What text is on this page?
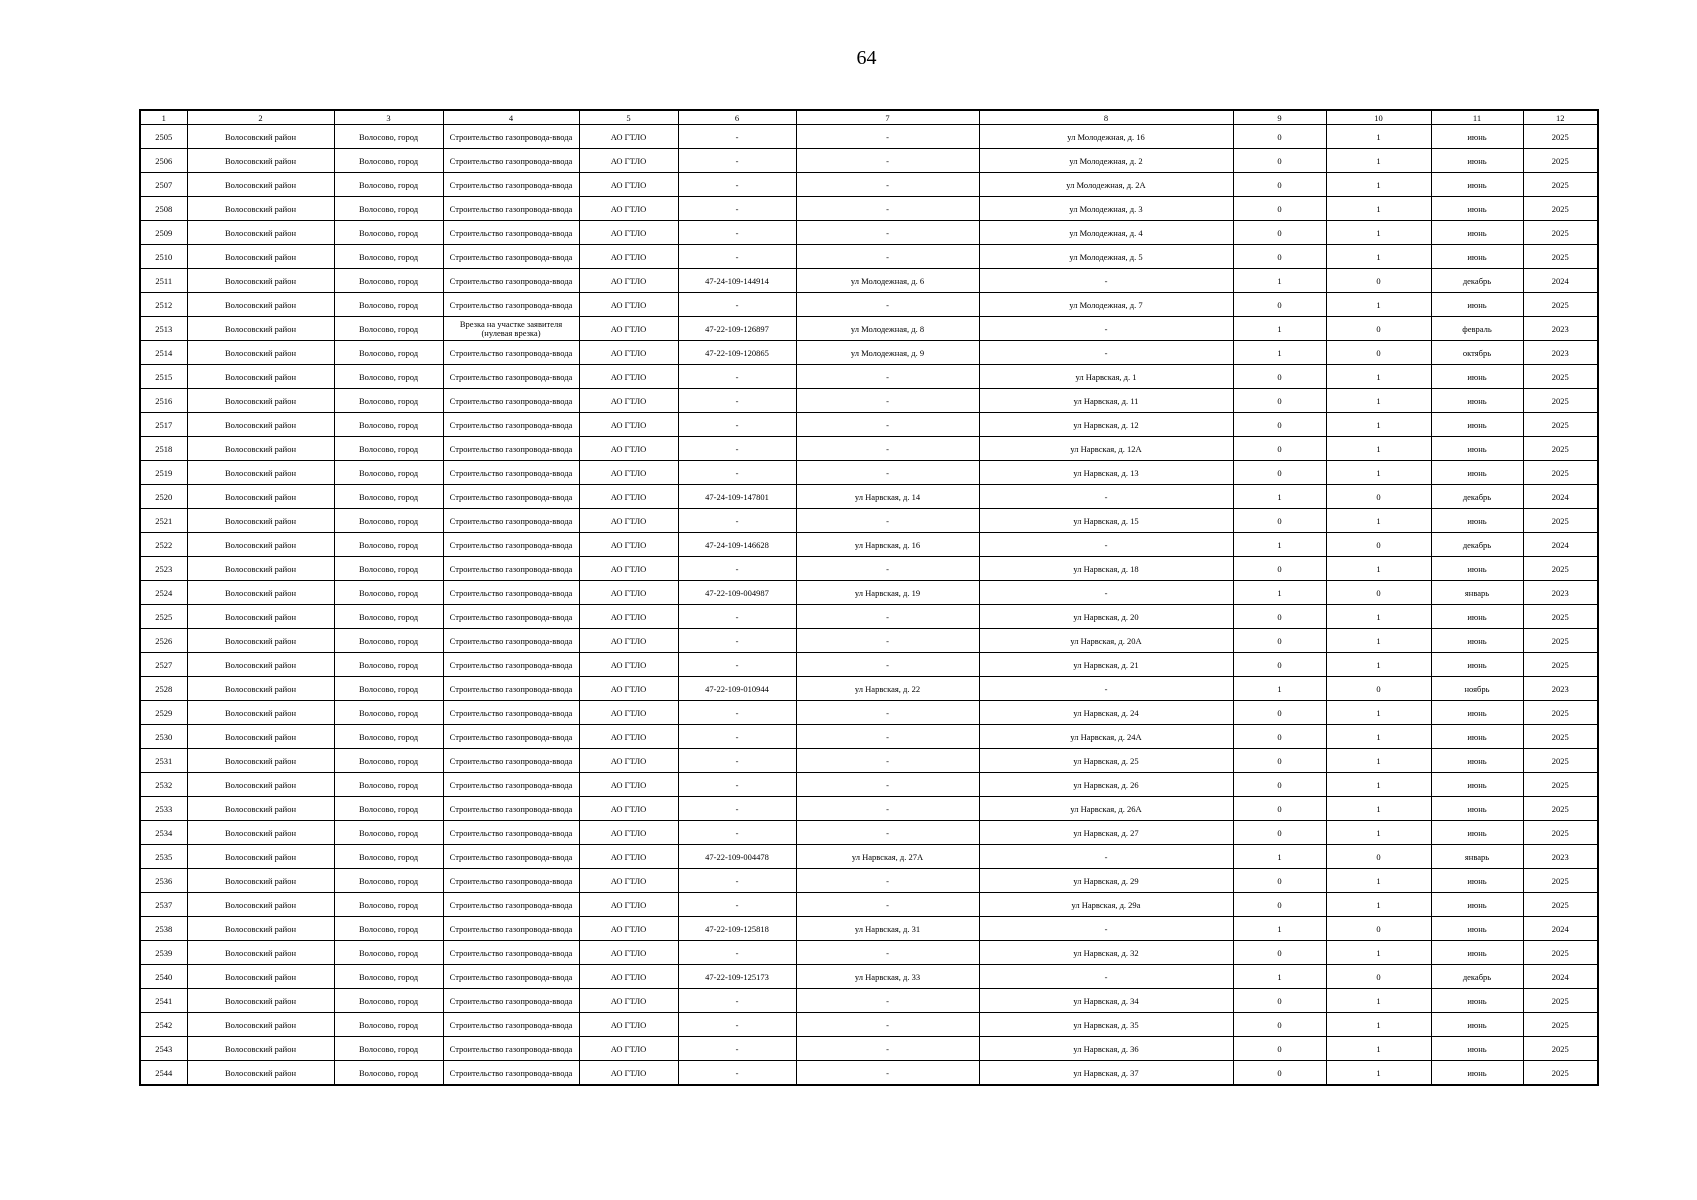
64
1	2	3	4	5	6	7	8	9	10	11	12
2505	Волосовский район	Волосово, город	Строительство газопровода-ввода	АО ГТЛО	-	-	ул Молодежная, д. 16	0	1	июнь	2025
2506	Волосовский район	Волосово, город	Строительство газопровода-ввода	АО ГТЛО	-	-	ул Молодежная, д. 2	0	1	июнь	2025
2507	Волосовский район	Волосово, город	Строительство газопровода-ввода	АО ГТЛО	-	-	ул Молодежная, д. 2А	0	1	июнь	2025
2508	Волосовский район	Волосово, город	Строительство газопровода-ввода	АО ГТЛО	-	-	ул Молодежная, д. 3	0	1	июнь	2025
2509	Волосовский район	Волосово, город	Строительство газопровода-ввода	АО ГТЛО	-	-	ул Молодежная, д. 4	0	1	июнь	2025
2510	Волосовский район	Волосово, город	Строительство газопровода-ввода	АО ГТЛО	-	-	ул Молодежная, д. 5	0	1	июнь	2025
2511	Волосовский район	Волосово, город	Строительство газопровода-ввода	АО ГТЛО	47-24-109-144914	ул Молодежная, д. 6	-	1	0	декабрь	2024
2512	Волосовский район	Волосово, город	Строительство газопровода-ввода	АО ГТЛО	-	-	ул Молодежная, д. 7	0	1	июнь	2025
2513	Волосовский район	Волосово, город	Врезка на участке заявителя (нулевая врезка)	АО ГТЛО	47-22-109-126897	ул Молодежная, д. 8	-	1	0	февраль	2023
2514	Волосовский район	Волосово, город	Строительство газопровода-ввода	АО ГТЛО	47-22-109-120865	ул Молодежная, д. 9	-	1	0	октябрь	2023
2515	Волосовский район	Волосово, город	Строительство газопровода-ввода	АО ГТЛО	-	-	ул Нарвская, д. 1	0	1	июнь	2025
2516	Волосовский район	Волосово, город	Строительство газопровода-ввода	АО ГТЛО	-	-	ул Нарвская, д. 11	0	1	июнь	2025
2517	Волосовский район	Волосово, город	Строительство газопровода-ввода	АО ГТЛО	-	-	ул Нарвская, д. 12	0	1	июнь	2025
2518	Волосовский район	Волосово, город	Строительство газопровода-ввода	АО ГТЛО	-	-	ул Нарвская, д. 12А	0	1	июнь	2025
2519	Волосовский район	Волосово, город	Строительство газопровода-ввода	АО ГТЛО	-	-	ул Нарвская, д. 13	0	1	июнь	2025
2520	Волосовский район	Волосово, город	Строительство газопровода-ввода	АО ГТЛО	47-24-109-147801	ул Нарвская, д. 14	-	1	0	декабрь	2024
2521	Волосовский район	Волосово, город	Строительство газопровода-ввода	АО ГТЛО	-	-	ул Нарвская, д. 15	0	1	июнь	2025
2522	Волосовский район	Волосово, город	Строительство газопровода-ввода	АО ГТЛО	47-24-109-146628	ул Нарвская, д. 16	-	1	0	декабрь	2024
2523	Волосовский район	Волосово, город	Строительство газопровода-ввода	АО ГТЛО	-	-	ул Нарвская, д. 18	0	1	июнь	2025
2524	Волосовский район	Волосово, город	Строительство газопровода-ввода	АО ГТЛО	47-22-109-004987	ул Нарвская, д. 19	-	1	0	январь	2023
2525	Волосовский район	Волосово, город	Строительство газопровода-ввода	АО ГТЛО	-	-	ул Нарвская, д. 20	0	1	июнь	2025
2526	Волосовский район	Волосово, город	Строительство газопровода-ввода	АО ГТЛО	-	-	ул Нарвская, д. 20А	0	1	июнь	2025
2527	Волосовский район	Волосово, город	Строительство газопровода-ввода	АО ГТЛО	-	-	ул Нарвская, д. 21	0	1	июнь	2025
2528	Волосовский район	Волосово, город	Строительство газопровода-ввода	АО ГТЛО	47-22-109-010944	ул Нарвская, д. 22	-	1	0	ноябрь	2023
2529	Волосовский район	Волосово, город	Строительство газопровода-ввода	АО ГТЛО	-	-	ул Нарвская, д. 24	0	1	июнь	2025
2530	Волосовский район	Волосово, город	Строительство газопровода-ввода	АО ГТЛО	-	-	ул Нарвская, д. 24А	0	1	июнь	2025
2531	Волосовский район	Волосово, город	Строительство газопровода-ввода	АО ГТЛО	-	-	ул Нарвская, д. 25	0	1	июнь	2025
2532	Волосовский район	Волосово, город	Строительство газопровода-ввода	АО ГТЛО	-	-	ул Нарвская, д. 26	0	1	июнь	2025
2533	Волосовский район	Волосово, город	Строительство газопровода-ввода	АО ГТЛО	-	-	ул Нарвская, д. 26А	0	1	июнь	2025
2534	Волосовский район	Волосово, город	Строительство газопровода-ввода	АО ГТЛО	-	-	ул Нарвская, д. 27	0	1	июнь	2025
2535	Волосовский район	Волосово, город	Строительство газопровода-ввода	АО ГТЛО	47-22-109-004478	ул Нарвская, д. 27А	-	1	0	январь	2023
2536	Волосовский район	Волосово, город	Строительство газопровода-ввода	АО ГТЛО	-	-	ул Нарвская, д. 29	0	1	июнь	2025
2537	Волосовский район	Волосово, город	Строительство газопровода-ввода	АО ГТЛО	-	-	ул Нарвская, д. 29а	0	1	июнь	2025
2538	Волосовский район	Волосово, город	Строительство газопровода-ввода	АО ГТЛО	47-22-109-125818	ул Нарвская, д. 31	-	1	0	июнь	2024
2539	Волосовский район	Волосово, город	Строительство газопровода-ввода	АО ГТЛО	-	-	ул Нарвская, д. 32	0	1	июнь	2025
2540	Волосовский район	Волосово, город	Строительство газопровода-ввода	АО ГТЛО	47-22-109-125173	ул Нарвская, д. 33	-	1	0	декабрь	2024
2541	Волосовский район	Волосово, город	Строительство газопровода-ввода	АО ГТЛО	-	-	ул Нарвская, д. 34	0	1	июнь	2025
2542	Волосовский район	Волосово, город	Строительство газопровода-ввода	АО ГТЛО	-	-	ул Нарвская, д. 35	0	1	июнь	2025
2543	Волосовский район	Волосово, город	Строительство газопровода-ввода	АО ГТЛО	-	-	ул Нарвская, д. 36	0	1	июнь	2025
2544	Волосовский район	Волосово, город	Строительство газопровода-ввода	АО ГТЛО	-	-	ул Нарвская, д. 37	0	1	июнь	2025
